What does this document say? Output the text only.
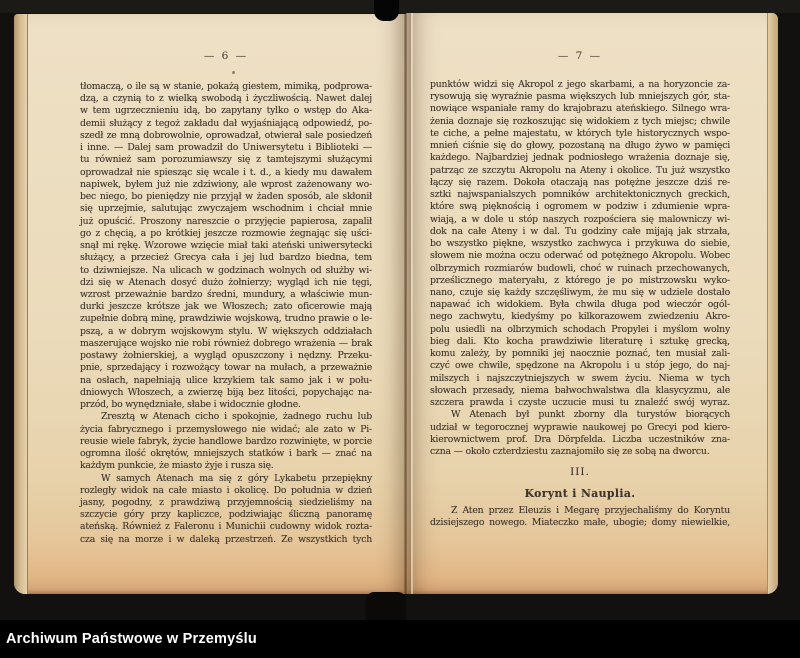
— 6 —
tłomaczą, o ile są w stanie, pokażą giestem, mimiką, podprowa-
dzą, a czynią to z wielką swobodą i życzliwością. Nawet dalej
w tem ugrzecznieniu idą, bo zapytany tylko o wstęp do Aka-
demii służący z tegoż zakładu dał wyjaśniającą odpowiedź, po-
szedł ze mną dobrowolnie, oprowadzał, otwierał sale posiedzeń
i inne. — Dalej sam prowadził do Uniwersytetu i Biblioteki —
tu również sam porozumiawszy się z tamtejszymi służącymi
oprowadzał nie spiesząc się wcale i t. d., a kiedy mu dawałem
napiwek, byłem już nie zdziwiony, ale wprost zażenowany wo-
bec niego, bo pieniędzy nie przyjął w żaden sposób, ale skłonił
się uprzejmie, salutując zwyczajem wschodnim i chciał mnie
już opuścić. Proszony nareszcie o przyjęcie papierosa, zapalił
go z chęcią, a po krótkiej jeszcze rozmowie żegnając się uści-
snął mi rękę. Wzorowe wzięcie miał taki ateński uniwersytecki
służący, a przecież Grecya cała i jej lud bardzo biedna, tem
to dziwniejsze. Na ulicach w godzinach wolnych od służby wi-
dzi się w Atenach dosyć dużo żołnierzy; wygląd ich nie tęgi,
wzrost przeważnie bardzo średni, mundury, a właściwie mun-
durki jeszcze krótsze jak we Włoszech; zato oficerowie mają
zupełnie dobrą minę, prawdziwie wojskową, trudno prawie o le-
pszą, a w dobrym wojskowym stylu. W większych oddziałach
maszerujące wojsko nie robi również dobrego wrażenia — brak
postawy żołnierskiej, a wygląd opuszczony i nędzny. Przeku-
pnie, sprzedający i rozwożący towar na mułach, a przeważnie
na osłach, napełniają ulice krzykiem tak samo jak i w połu-
dniowych Włoszech, a zwierzę biją bez litości, popychając na-
przód, bo wynędzniałe, słabe i widocznie głodne.
Zresztą w Atenach cicho i spokojnie, żadnego ruchu lub
życia fabrycznego i przemysłowego nie widać; ale zato w Pi-
reusie wiele fabryk, życie handlowe bardzo rozwinięte, w porcie
ogromna ilość okrętów, mniejszych statków i bark — znać na
każdym punkcie, że miasto żyje i rusza się.
W samych Atenach ma się z góry Lykabetu przepiękny
rozległy widok na całe miasto i okolicę. Do południa w dzień
jasny, pogodny, z prawdziwą przyjemnością siedzieliśmy na
szczycie góry przy kapliczce, podziwiając śliczną panoramę
ateńską. Również z Faleronu i Munichii cudowny widok rozta-
cza się na morze i w daleką przestrzeń. Ze wszystkich tych
— 7 —
punktów widzi się Akropol z jego skarbami, a na horyzoncie za-
rysowują się wyraźnie pasma większych lub mniejszych gór, sta-
nowiące wspaniałe ramy do krajobrazu ateńskiego. Silnego wra-
żenia doznaje się rozkoszując się widokiem z tych miejsc; chwile
te ciche, a pełne majestatu, w których tyle historycznych wspo-
mnień ciśnie się do głowy, pozostaną na długo żywo w pamięci
każdego. Najbardziej jednak podniosłego wrażenia doznaje się,
patrząc ze szczytu Akropolu na Ateny i okolice. Tu już wszystko
łączy się razem. Dokoła otaczają nas potężne jeszcze dziś re-
sztki najwspanialszych pomników architektonicznych greckich,
które swą pięknością i ogromem w podziw i zdumienie wpra-
wiają, a w dole u stóp naszych rozpościera się malowniczy wi-
dok na całe Ateny i w dal. Tu godziny całe mijają jak strzała,
bo wszystko piękne, wszystko zachwyca i przykuwa do siebie,
słowem nie można oczu oderwać od potężnego Akropolu. Wobec
olbrzymich rozmiarów budowli, choć w ruinach przechowanych,
prześlicznego materyału, z którego je po mistrzowsku wyko-
nano, czuje się każdy szczęśliwym, że mu się w udziele dostało
napawać ich widokiem. Była chwila długa pod wieczór ogól-
nego zachwytu, kiedyśmy po kilkorazowem zwiedzeniu Akro-
polu usiedli na olbrzymich schodach Propylei i myślom wolny
bieg dali. Kto kocha prawdziwie literaturę i sztukę grecką,
komu zależy, by pomniki jej naocznie poznać, ten musiał zali-
czyć owe chwile, spędzone na Akropolu i u stóp jego, do naj-
milszych i najszczytniejszych w swem życiu. Niema w tych
słowach przesady, niema bałwochwalstwa dla klasycyzmu, ale
szczera prawda i czyste uczucie musi tu znaleźć swój wyraz.
W Atenach był punkt zborny dla turystów biorących
udział w tegorocznej wyprawie naukowej po Grecyi pod kiero-
kierownictwem prof. Dra Dörpfelda. Liczba uczestników zna-
czna — około czterdziestu zaznajomiło się ze sobą na dworcu.
III.
Korynt i Nauplia.
Z Aten przez Eleuzis i Megarę przyjechaliśmy do Koryntu
dzisiejszego nowego. Miateczko małe, ubogie; domy niewielkie,
Archiwum Państwowe w Przemyślu
